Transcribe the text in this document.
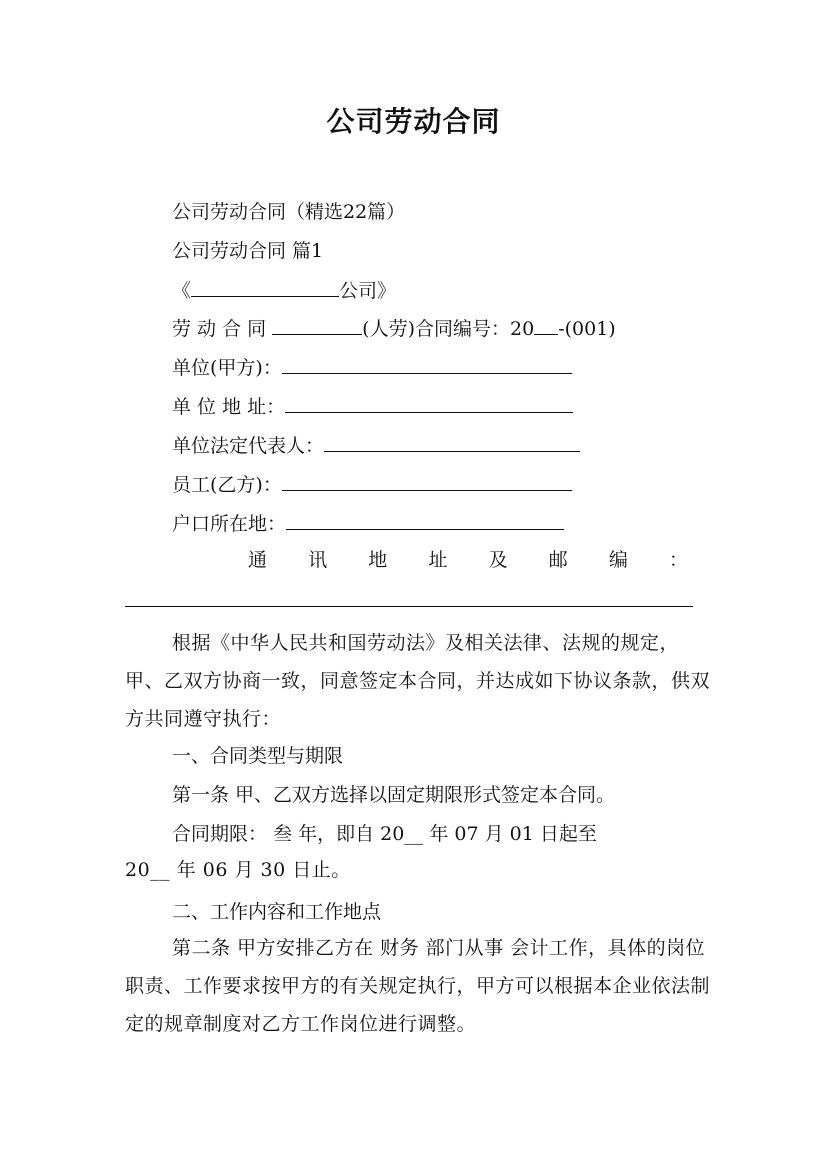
公司劳动合同
公司劳动合同（精选22篇）
公司劳动合同 篇1
《	公司》
劳 动 合 同	(人劳)合同编号：20 -(001)
单位(甲方)：
单 位 地 址：
单位法定代表人：
员工(乙方)：
户口所在地：
通 讯 地 址 及 邮 编 ：
根据《中华人民共和国劳动法》及相关法律、法规的规定，甲、乙双方协商一致，同意签定本合同，并达成如下协议条款，供双方共同遵守执行：
一、合同类型与期限
第一条 甲、乙双方选择以固定期限形式签定本合同。
合同期限： 叁 年，即自 20__ 年 07 月 01 日起至
20__ 年 06 月 30 日止。
二、工作内容和工作地点
第二条 甲方安排乙方在 财务 部门从事 会计工作，具体的岗位职责、工作要求按甲方的有关规定执行，甲方可以根据本企业依法制定的规章制度对乙方工作岗位进行调整。
